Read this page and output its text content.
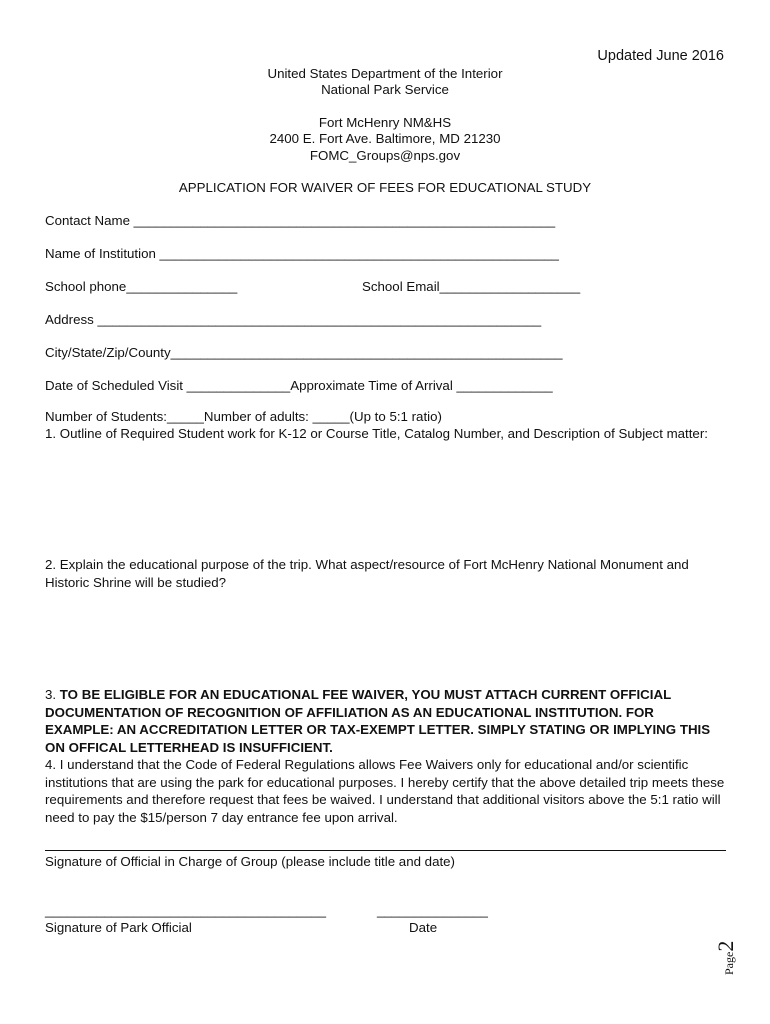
Updated June 2016
United States Department of the Interior
National Park Service
Fort McHenry NM&HS
2400 E. Fort Ave. Baltimore, MD 21230
FOMC_Groups@nps.gov
APPLICATION FOR WAIVER OF FEES FOR EDUCATIONAL STUDY
Contact Name _________________________________________________________
Name of Institution ______________________________________________________
School phone_______________	School Email___________________
Address ____________________________________________________________
City/State/Zip/County_____________________________________________________
Date of Scheduled Visit ______________Approximate Time of Arrival _____________
Number of Students:_____Number of adults: _____(Up to 5:1 ratio)
1. Outline of Required Student work for K-12 or Course Title, Catalog Number, and Description of Subject matter:
2. Explain the educational purpose of the trip. What aspect/resource of Fort McHenry National Monument and Historic Shrine will be studied?
3. TO BE ELIGIBLE FOR AN EDUCATIONAL FEE WAIVER, YOU MUST ATTACH CURRENT OFFICIAL DOCUMENTATION OF RECOGNITION OF AFFILIATION AS AN EDUCATIONAL INSTITUTION. FOR EXAMPLE: AN ACCREDITATION LETTER OR TAX-EXEMPT LETTER. SIMPLY STATING OR IMPLYING THIS ON OFFICAL LETTERHEAD IS INSUFFICIENT.
4. I understand that the Code of Federal Regulations allows Fee Waivers only for educational and/or scientific institutions that are using the park for educational purposes. I hereby certify that the above detailed trip meets these requirements and therefore request that fees be waived. I understand that additional visitors above the 5:1 ratio will need to pay the $15/person 7 day entrance fee upon arrival.
Signature of Official in Charge of Group (please include title and date)
______________________________________
Signature of Park Official
_______________
Date
Page2
